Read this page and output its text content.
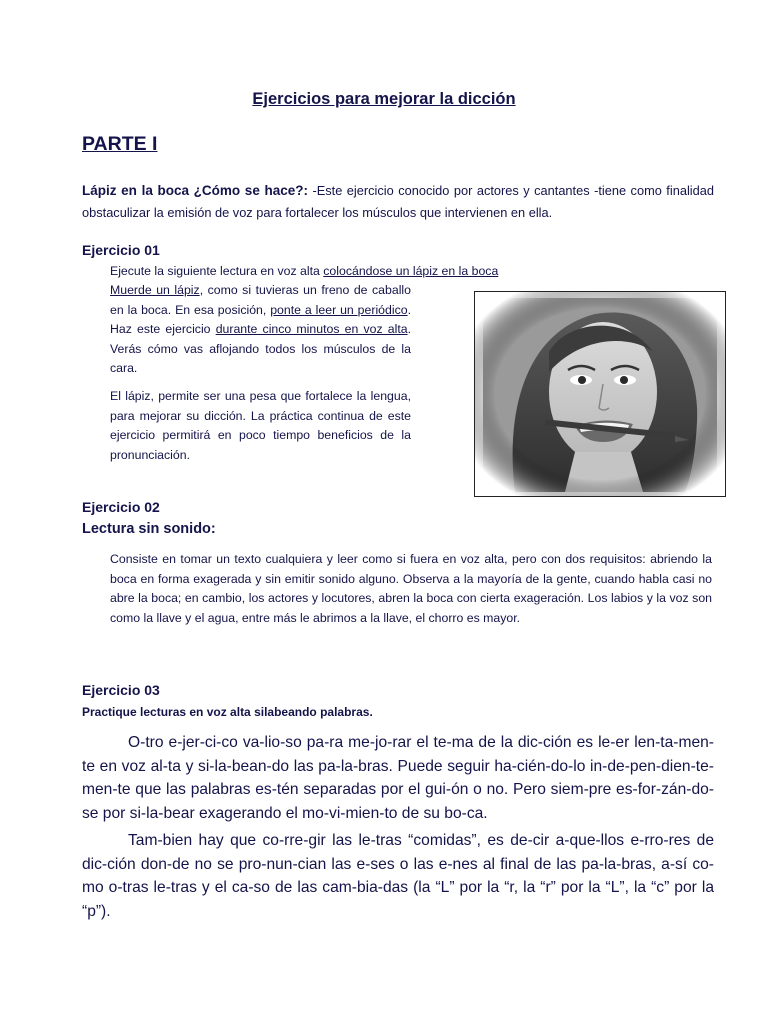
Ejercicios para mejorar la dicción
PARTE I
Lápiz en la boca ¿Cómo se hace?: -Este ejercicio conocido por actores y cantantes -tiene como finalidad obstaculizar la emisión de voz para fortalecer los músculos que intervienen en ella.
Ejercicio 01
Ejecute la siguiente lectura en voz alta colocándose un lápiz en la boca
Muerde un lápiz, como si tuvieras un freno de caballo en la boca. En esa posición, ponte a leer un periódico. Haz este ejercicio durante cinco minutos en voz alta. Verás cómo vas aflojando todos los músculos de la cara.
El lápiz, permite ser una pesa que fortalece la lengua, para mejorar su dicción. La práctica continua de este ejercicio permitirá en poco tiempo beneficios de la pronunciación.
Ejercicio 02
Lectura sin sonido:
Consiste en tomar un texto cualquiera y leer como si fuera en voz alta, pero con dos requisitos: abriendo la boca en forma exagerada y sin emitir sonido alguno. Observa a la mayoría de la gente, cuando habla casi no abre la boca; en cambio, los actores y locutores, abren la boca con cierta exageración. Los labios y la voz son como la llave y el agua, entre más le abrimos a la llave, el chorro es mayor.
Ejercicio 03
Practique lecturas en voz alta silabeando palabras.
O-tro e-jer-ci-co va-lio-so pa-ra me-jo-rar el te-ma de la dic-ción es le-er len-ta-men-te en voz al-ta y si-la-bean-do las pa-la-bras. Puede seguir ha-cién-do-lo in-de-pen-dien-te-men-te que las palabras es-tén separadas por el gui-ón o no. Pero siem-pre es-for-zán-do-se por si-la-bear exagerando el mo-vi-mien-to de su bo-ca.
Tam-bien hay que co-rre-gir las le-tras “comidas”, es de-cir a-que-llos e-rro-res de dic-ción don-de no se pro-nun-cian las e-ses o las e-nes al final de las pa-la-bras, a-sí co-mo o-tras le-tras y el ca-so de las cam-bia-das (la “L” por la “r, la “r” por la “L”, la “c” por la “p”).
